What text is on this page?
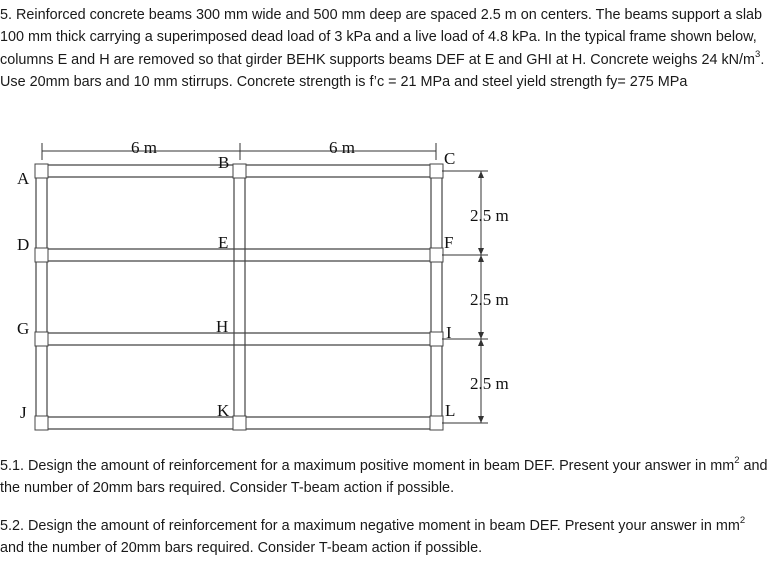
5. Reinforced concrete beams 300 mm wide and 500 mm deep are spaced 2.5 m on centers. The beams support a slab 100 mm thick carrying a superimposed dead load of 3 kPa and a live load of 4.8 kPa. In the typical frame shown below, columns E and H are removed so that girder BEHK supports beams DEF at E and GHI at H. Concrete weighs 24 $kN/m^3$. Use 20mm bars and 10 mm stirrups. Concrete strength is f’c = 21 MPa and steel yield strength fy= 275 MPa

6 m	6 m
A
B	C
D	E	F
G	H	I
J	K	L
2.5 m
2.5 m
2.5 m

5.1. Design the amount of reinforcement for a maximum positive moment in beam DEF. Present your answer in $mm^2$ and the number of 20mm bars required. Consider T-beam action if possible.

5.2. Design the amount of reinforcement for a maximum negative moment in beam DEF. Present your answer in $mm^2$ and the number of 20mm bars required. Consider T-beam action if possible.
